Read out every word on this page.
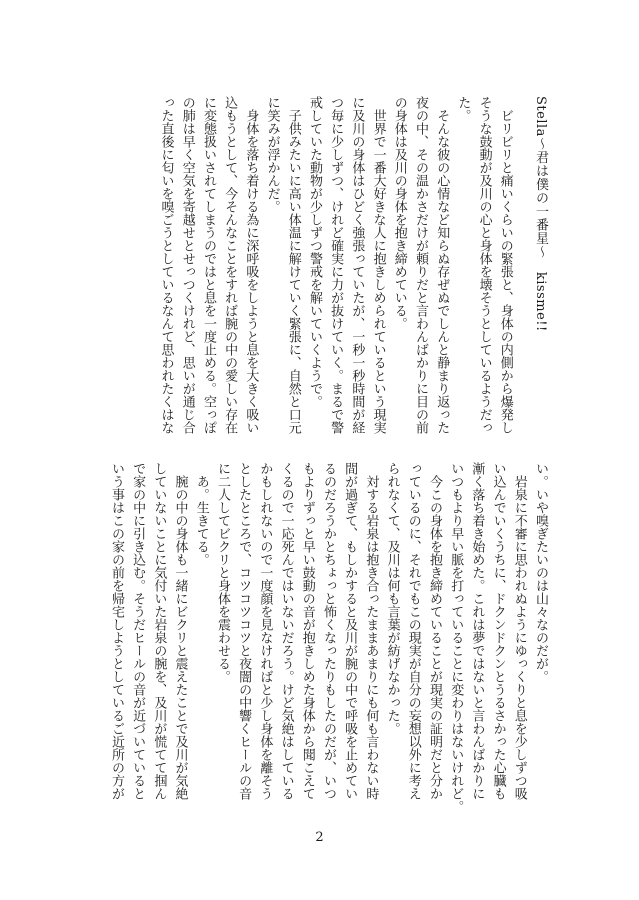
Stella～君は僕の一番星～　kissme!!
　ビリビリと痛いくらいの緊張と、身体の内側から爆発し
そうな鼓動が及川の心と身体を壊そうとしているようだっ
た。
　そんな彼の心情など知らぬ存ぜぬでしんと静まり返った
夜の中、その温かさだけが頼りだと言わんばかりに目の前
の身体は及川の身体を抱き締めている。
　世界で一番大好きな人に抱きしめられているという現実
に及川の身体はひどく強張っていたが、一秒一秒時間が経
つ毎に少しずつ、けれど確実に力が抜けていく。まるで警
戒していた動物が少しずつ警戒を解いていくようで。
　子供みたいに高い体温に解けていく緊張に、自然と口元
に笑みが浮かんだ。
　身体を落ち着ける為に深呼吸をしようと息を大きく吸い
込もうとして、今そんなことをすれば腕の中の愛しい存在
に変態扱いされてしまうのではと息を一度止める。空っぽ
の肺は早く空気を寄越せとせっつくけれど、思いが通じ合
った直後に匂いを嗅ごうとしているなんて思われたくはな
い。いや嗅ぎたいのは山々なのだが。
　岩泉に不審に思われぬようにゆっくりと息を少しずつ吸
い込んでいくうちに、ドクンドクンとうるさかった心臓も
漸く落ち着き始めた。これは夢ではないと言わんばかりに
いつもより早い脈を打っていることに変わりはないけれど。
　今この身体を抱き締めていることが現実の証明だと分か
っているのに、それでもこの現実が自分の妄想以外に考え
られなくて、及川は何も言葉が紡げなかった。
　対する岩泉は抱き合ったままあまりにも何も言わない時
間が過ぎて、もしかすると及川が腕の中で呼吸を止めてい
るのだろうかとちょっと怖くなったりもしたのだが、いつ
もよりずっと早い鼓動の音が抱きしめた身体から聞こえて
くるので一応死んではいないだろう。けど気絶はしている
かもしれないので一度顔を見なければと少し身体を離そう
としたところで、コツコツコツと夜闇の中響くヒールの音
に二人してビクリと身体を震わせる。
　あ。生きてる。
　腕の中の身体も一緒にビクリと震えたことで及川が気絶
していないことに気付いた岩泉の腕を、及川が慌てて掴ん
で家の中に引き込む。そうだヒールの音が近づいていると
いう事はこの家の前を帰宅しようとしているご近所の方が
2
